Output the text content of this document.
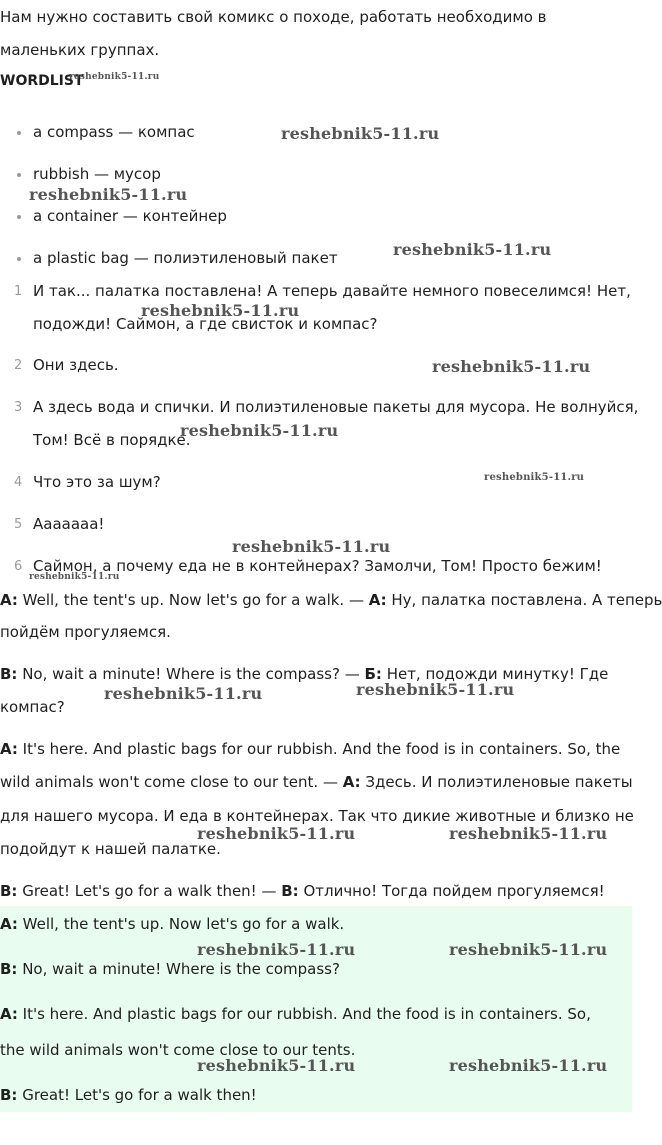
Нам нужно составить свой комикс о походе, работать необходимо в
маленьких группах.
WORDLIST
reshebnik5-11.ru
a compass — компас
rubbish — мусор
a container — контейнер
a plastic bag — полиэтиленовый пакет
reshebnik5-11.ru
reshebnik5-11.ru
reshebnik5-11.ru
1 И так... палатка поставлена! А теперь давайте немного повеселимся! Нет,
подожди! Саймон, а где свисток и компас?
2 Они здесь.
3 А здесь вода и спички. И полиэтиленовые пакеты для мусора. Не волнуйся,
Том! Всё в порядке.
4 Что это за шум?
5 Ааааааа!
6 Саймон, а почему еда не в контейнерах? Замолчи, Том! Просто бежим!
reshebnik5-11.ru
reshebnik5-11.ru
reshebnik5-11.ru
reshebnik5-11.ru
reshebnik5-11.ru
reshebnik5-11.ru
A: Well, the tent's up. Now let's go for a walk. — A: Ну, палатка поставлена. А теперь
пойдём прогуляемся.
B: No, wait a minute! Where is the compass? — Б: Нет, подожди минутку! Где
компас?
A: It's here. And plastic bags for our rubbish. And the food is in containers. So, the
wild animals won't come close to our tent. — A: Здесь. И полиэтиленовые пакеты
для нашего мусора. И еда в контейнерах. Так что дикие животные и близко не
подойдут к нашей палатке.
B: Great! Let's go for a walk then! — B: Отлично! Тогда пойдем прогуляемся!
reshebnik5-11.ru	reshebnik5-11.ru
reshebnik5-11.ru	reshebnik5-11.ru
A: Well, the tent's up. Now let's go for a walk.
B: No, wait a minute! Where is the compass?
A: It's here. And plastic bags for our rubbish. And the food is in containers. So,
the wild animals won't come close to our tents.
B: Great! Let's go for a walk then!
reshebnik5-11.ru	reshebnik5-11.ru
reshebnik5-11.ru	reshebnik5-11.ru
